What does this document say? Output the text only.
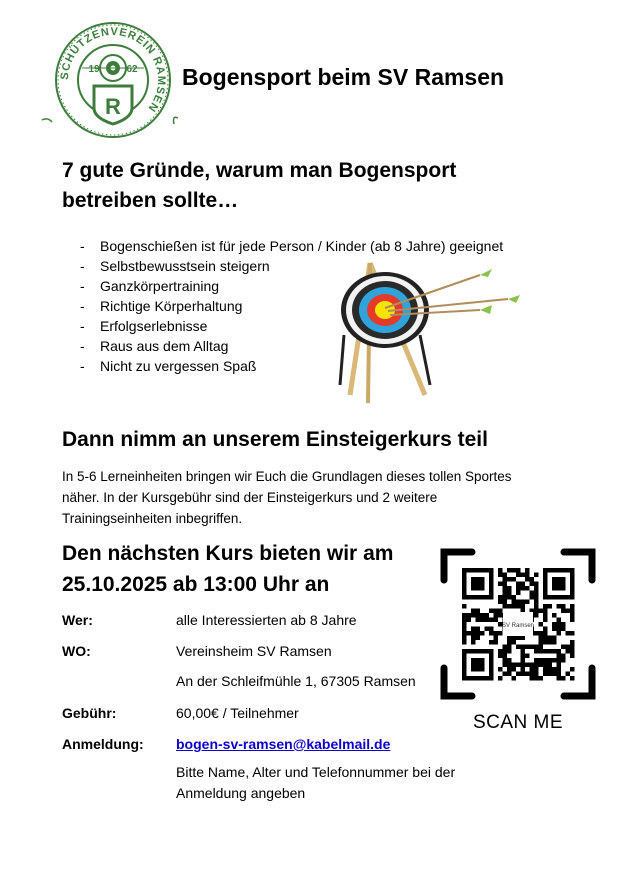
SCHÜTZENVEREIN RAMSEN
19	62
R
Bogensport beim SV Ramsen
7 gute Gründe, warum man Bogensport
betreiben sollte…
- Bogenschießen ist für jede Person / Kinder (ab 8 Jahre) geeignet
- Selbstbewusstsein steigern
- Ganzkörpertraining
- Richtige Körperhaltung
- Erfolgserlebnisse
- Raus aus dem Alltag
- Nicht zu vergessen Spaß
Dann nimm an unserem Einsteigerkurs teil
In 5-6 Lerneinheiten bringen wir Euch die Grundlagen dieses tollen Sportes näher. In der Kursgebühr sind der Einsteigerkurs und 2 weitere Trainingseinheiten inbegriffen.
Den nächsten Kurs bieten wir am
25.10.2025 ab 13:00 Uhr an
Wer:	alle Interessierten ab 8 Jahre
WO:	Vereinsheim SV Ramsen
An der Schleifmühle 1, 67305 Ramsen
Gebühr:	60,00€ / Teilnehmer
Anmeldung: bogen-sv-ramsen@kabelmail.de
Bitte Name, Alter und Telefonnummer bei der Anmeldung angeben
SV Ramsen
SCAN ME
